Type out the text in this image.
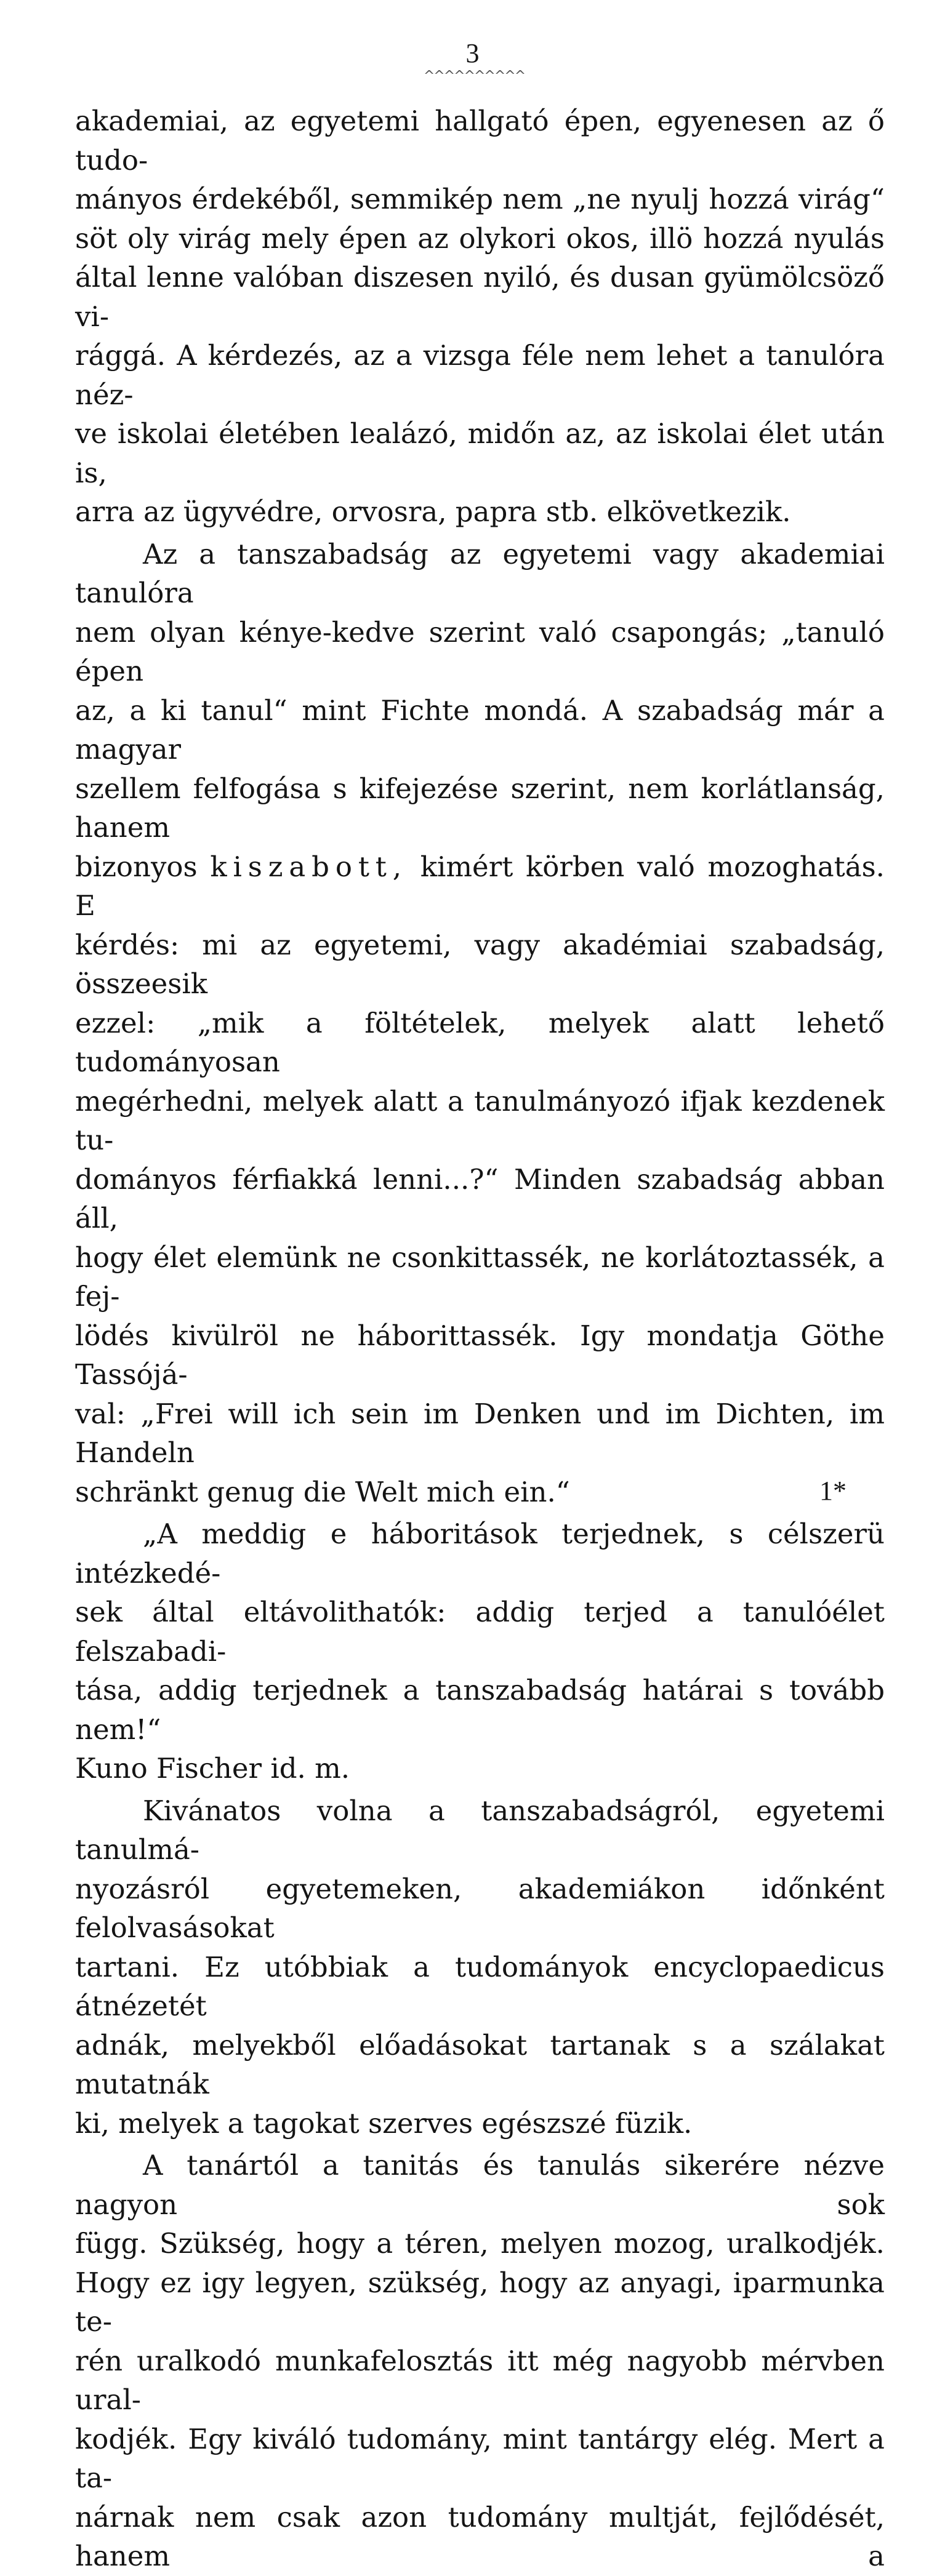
3
^^^^^^^^^^

akademiai, az egyetemi hallgató épen, egyenesen az ő tudo-

mányos érdekéből, semmikép nem „ne nyulj hozzá virág“

söt oly virág mely épen az olykori okos, illö hozzá nyulás

által lenne valóban diszesen nyiló, és dusan gyümölcsöző vi-

rággá. A kérdezés, az a vizsga féle nem lehet a tanulóra néz-

ve iskolai életében lealázó, midőn az, az iskolai élet után is,

arra az ügyvédre, orvosra, papra stb. elkövetkezik.

Az a tanszabadság az egyetemi vagy akademiai tanulóra

nem olyan kénye-kedve szerint való csapongás; „tanuló épen

az, a ki tanul“ mint Fichte mondá. A szabadság már a magyar

szellem felfogása s kifejezése szerint, nem korlátlanság, hanem

bizonyos kiszabott, kimért körben való mozoghatás. E

kérdés: mi az egyetemi, vagy akadémiai szabadság, összeesik

ezzel: „mik a föltételek, melyek alatt lehető tudományosan

megérhedni, melyek alatt a tanulmányozó ifjak kezdenek tu-

dományos férfiakká lenni...?“ Minden szabadság abban áll,

hogy élet elemünk ne csonkittassék, ne korlátoztassék, a fej-

lödés kivülröl ne háborittassék. Igy mondatja Göthe Tassójá-

val: „Frei will ich sein im Denken und im Dichten, im Handeln

schränkt genug die Welt mich ein.“

„A meddig e háboritások terjednek, s célszerü intézkedé-

sek által eltávolithatók: addig terjed a tanulóélet felszabadi-

tása, addig terjednek a tanszabadság határai s tovább nem!“

Kuno Fischer id. m.

Kivánatos volna a tanszabadságról, egyetemi tanulmá-

nyozásról egyetemeken, akademiákon időnként felolvasásokat

tartani. Ez utóbbiak a tudományok encyclopaedicus átnézetét

adnák, melyekből előadásokat tartanak s a szálakat mutatnák

ki, melyek a tagokat szerves egészszé füzik.

A tanártól a tanitás és tanulás sikerére nézve nagyon sok

függ. Szükség, hogy a téren, melyen mozog, uralkodjék.

Hogy ez igy legyen, szükség, hogy az anyagi, iparmunka te-

rén uralkodó munkafelosztás itt még nagyobb mérvben ural-

kodjék. Egy kiváló tudomány, mint tantárgy elég. Mert a ta-

nárnak nem csak azon tudomány multját, fejlődését, hanem a

1*
